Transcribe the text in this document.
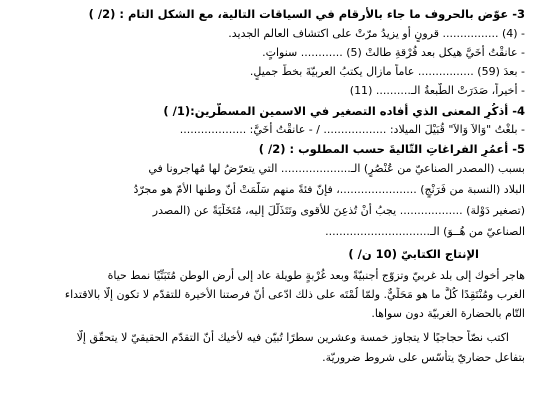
3- عوّض بالحروف ما جاء بالأرقام في السياقات التالية، مع الشكل التام : (2/ )
- (4) ................ قرونٍ أو يزيدُ مرّتْ على اكتشاف العالم الجديد.
- عانقْتُ أُخَيَّ هيكل بعد فُرْقةِ طالتْ (5) ............ سنواتٍ.
- بعدَ (59) ................ عاماً مازال يكتبُ العربيّةَ بخطٍّ جميلٍ.
- أخيراً، صَدَرَتْ الطَّبعةُ الـ.......... (11)
4- أذكُرِ المعنى الذي أفاده التصغير في الاسمين المسطّرين:(1/ )
- بلغْتُ "وَالاَ وَالاَ" قُبَيْلَ الميلاد: .................. / - عانقْتُ أُخَيَّ: ...................
5- أعمُرِ الفراغاتِ التّاليةَ حسب المطلوب : (2/ )
بسبب (المصدر الصناعيّ من عُنْصُرٍ) الـ.................... التي يتعرّضُ لها مُهاجرونا في
البلاد (النسبة من فَرَنْجٍ) ......................، فإنّ فئةً منهم سَلَّمَتْ أنّ وطنها الأمّ هو مجرّدُ
(تصغير دَوْلة) .................. يجبُ أنْ تُذعِنَ للأقوى وتَتَذَلَّلَ إليه، مُتَخَلِّيَةً عن (المصدر
الصناعيّ من هُــوَ) الـ..............................
الإنتاج الكتابيّ (10 ن/ )
هاجر أخوك إلى بلد غربيّ وتزوّج أجنبيّةً وبعد غُرْبةٍ طويلة عاد إلى أرض الوطن مُتَبَنِّيًا نمط حياة
الغرب ومُنْتَقِدًا كُلَّ ما هو مَحَلِّيٌّ. ولمّا لُمْتَه على ذلك ادّعى أنّ فرصتنا الأخيرة للتقدّم لا تكون إلّا بالاقتداء
التّام بالحضارة الغربيّة دون سواها.
اكتب نصّاً حجاجيًا لا يتجاوز خمسة وعشرين سطرًا تُبيّن فيه لأخيك أنّ التقدّم الحقيقيّ لا يتحقّق إلّا
بتفاعل حضاريّ يتأسّس على شروط ضروريّة.
